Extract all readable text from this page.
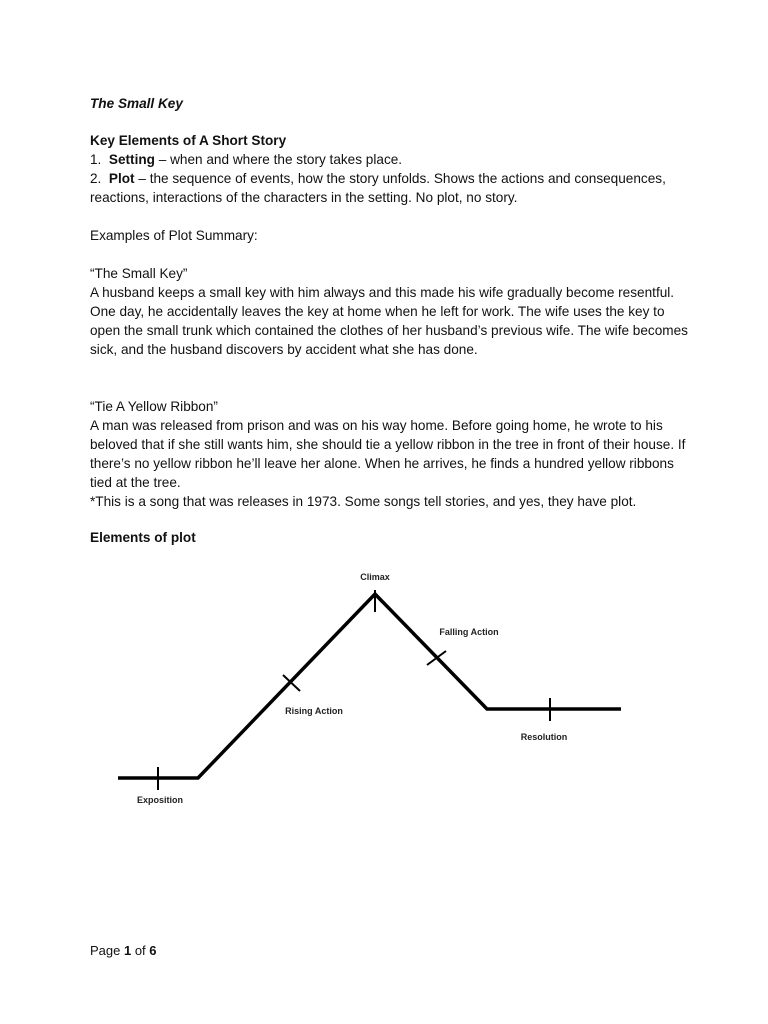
The Small Key
Key Elements of A Short Story

1. Setting – when and where the story takes place.

2. Plot – the sequence of events, how the story unfolds. Shows the actions and consequences, reactions, interactions of the characters in the setting. No plot, no story.

Examples of Plot Summary:

“The Small Key”

A husband keeps a small key with him always and this made his wife gradually become resentful. One day, he accidentally leaves the key at home when he left for work. The wife uses the key to open the small trunk which contained the clothes of her husband’s previous wife. The wife becomes sick, and the husband discovers by accident what she has done.

“Tie A Yellow Ribbon”

A man was released from prison and was on his way home. Before going home, he wrote to his beloved that if she still wants him, she should tie a yellow ribbon in the tree in front of their house. If there’s no yellow ribbon he’ll leave her alone. When he arrives, he finds a hundred yellow ribbons tied at the tree.

*This is a song that was releases in 1973. Some songs tell stories, and yes, they have plot.

Elements of plot
Exposition
Rising Action
Climax
Falling Action
Resolution
Page 1 of 6
